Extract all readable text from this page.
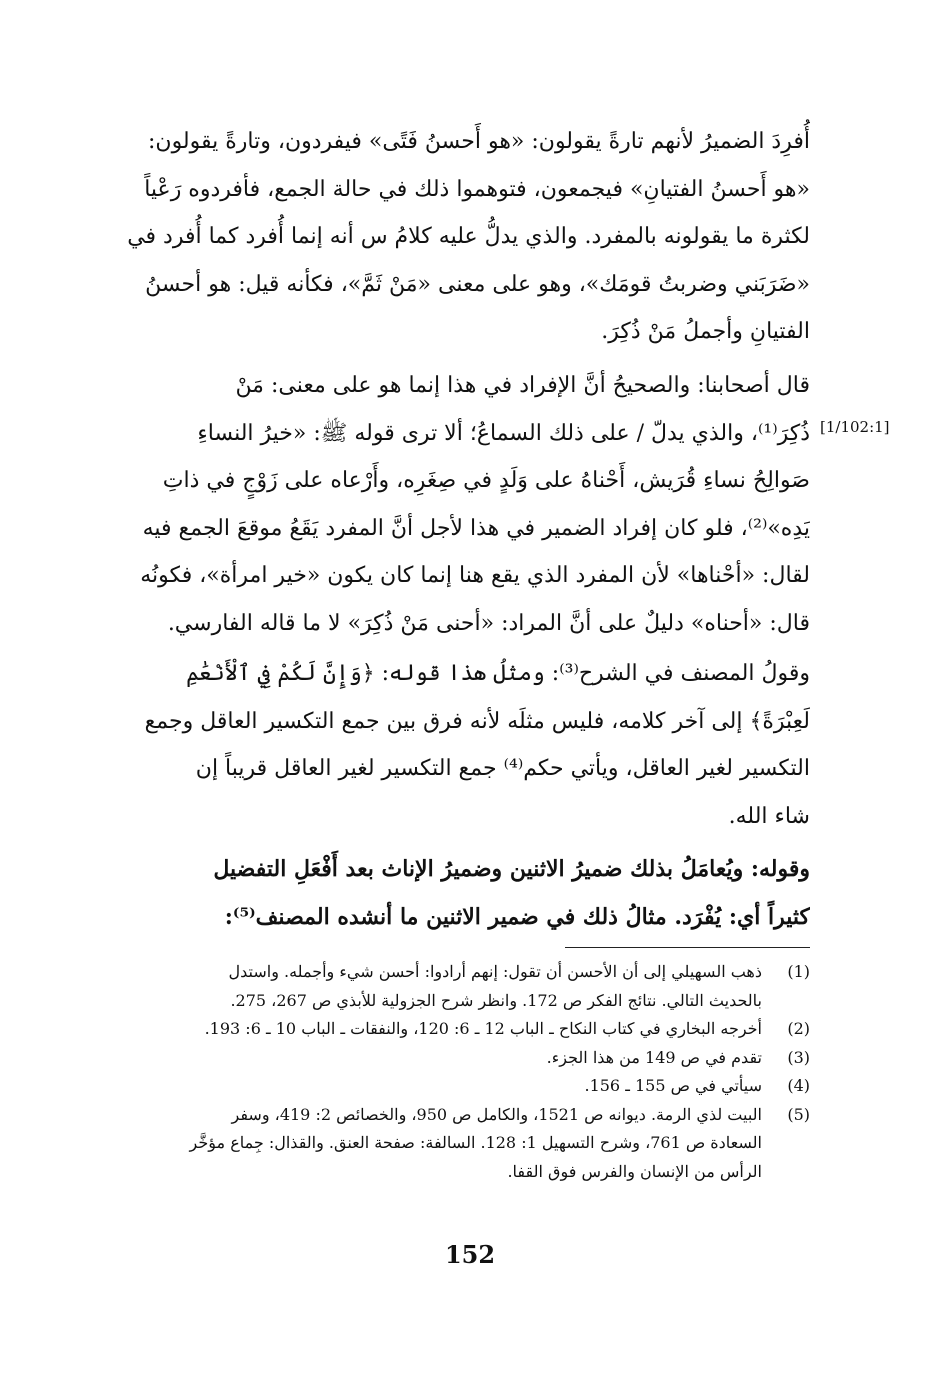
أُفرِدَ الضميرُ لأنهم تارةً يقولون: «هو أَحسنُ فَتًى» فيفردون، وتارةً يقولون:
«هو أَحسنُ الفتيانِ» فيجمعون، فتوهموا ذلك في حالة الجمع، فأفردوه رَعْياً
لكثرة ما يقولونه بالمفرد. والذي يدلُّ عليه كلامُ س أنه إنما أُفرد كما أُفرد في
«ضَرَبَني وضربتُ قومَك»، وهو على معنى «مَنْ ثَمَّ»، فكأنه قيل: هو أحسنُ
الفتيانِ وأجملُ مَنْ ذُكِرَ.

قال أصحابنا: والصحيحُ أنَّ الإفراد في هذا إنما هو على معنى: مَنْ
ذُكِرَ⁽¹⁾، والذي يدلّ / على ذلك السماعُ؛ ألا ترى قوله ﷺ: «خيرُ النساءِ
صَوالِحُ نساءِ قُرَيش، أَحْناهُ على وَلَدٍ في صِغَرِه، وأَرْعاه على زَوْجٍ في ذاتِ
يَدِه»⁽²⁾، فلو كان إفراد الضمير في هذا لأجل أنَّ المفرد يَقَعُ موقعَ الجمع فيه
لقال: «أحْناها» لأن المفرد الذي يقع هنا إنما كان يكون «خير امرأة»، فكونُه
قال: «أحناه» دليلٌ على أنَّ المراد: «أحنى مَنْ ذُكِرَ» لا ما قاله الفارسي.

[1/102:1]

وقولُ المصنف في الشرح⁽³⁾: ومثلُ هذا قوله: ﴿وَإِنَّ لَكُمْ فِي ٱلْأَنْعَٰمِ
لَعِبْرَةً﴾ إلى آخر كلامه، فليس مثلَه لأنه فرق بين جمع التكسير العاقل وجمع
التكسير لغير العاقل، ويأتي حكم⁽⁴⁾ جمع التكسير لغير العاقل قريباً إن
شاء الله.

وقوله: ويُعامَلُ بذلك ضميرُ الاثنين وضميرُ الإناث بعد أَفْعَلِ التفضيل
كثيراً أي: يُفْرَد. مثالُ ذلك في ضمير الاثنين ما أنشده المصنف⁽⁵⁾:

(1)
ذهب السهيلي إلى أن الأحسن أن تقول: إنهم أرادوا: أحسن شيء وأجمله. واستدل
بالحديث التالي. نتائج الفكر ص 172. وانظر شرح الجزولية للأبذي ص 267، 275.
(2)
أخرجه البخاري في كتاب النكاح ـ الباب 12 ـ 6: 120، والنفقات ـ الباب 10 ـ 6: 193.
(3)
تقدم في ص 149 من هذا الجزء.
(4)
سيأتي في ص 155 ـ 156.
(5)
البيت لذي الرمة. ديوانه ص 1521، والكامل ص 950، والخصائص 2: 419، وسفر
السعادة ص 761، وشرح التسهيل 1: 128. السالفة: صفحة العنق. والقذال: جِماع مؤخَّر
الرأس من الإنسان والفرس فوق القفا.
152
